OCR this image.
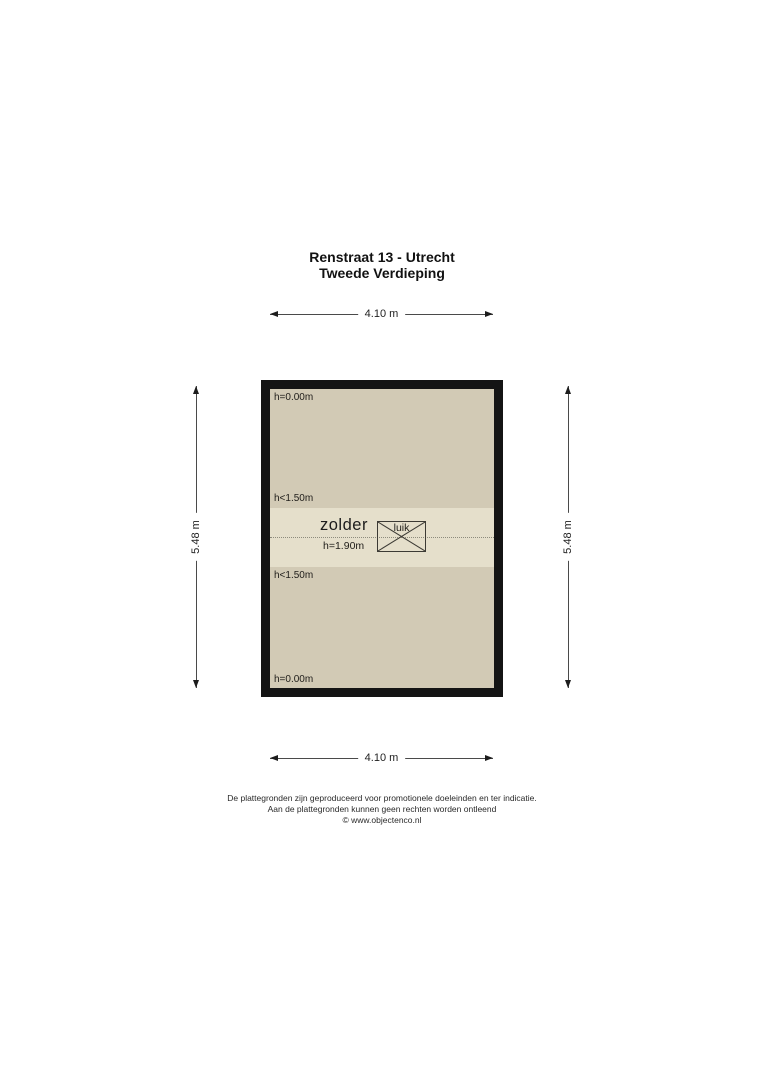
Renstraat 13 - Utrecht
Tweede Verdieping
4.10 m
5.48 m	5.48 m
h=0.00m
h<1.50m
h<1.50m
h=0.00m
zolder
h=1.90m
luik
4.10 m
De plattegronden zijn geproduceerd voor promotionele doeleinden en ter indicatie.
Aan de plattegronden kunnen geen rechten worden ontleend
© www.objectenco.nl
